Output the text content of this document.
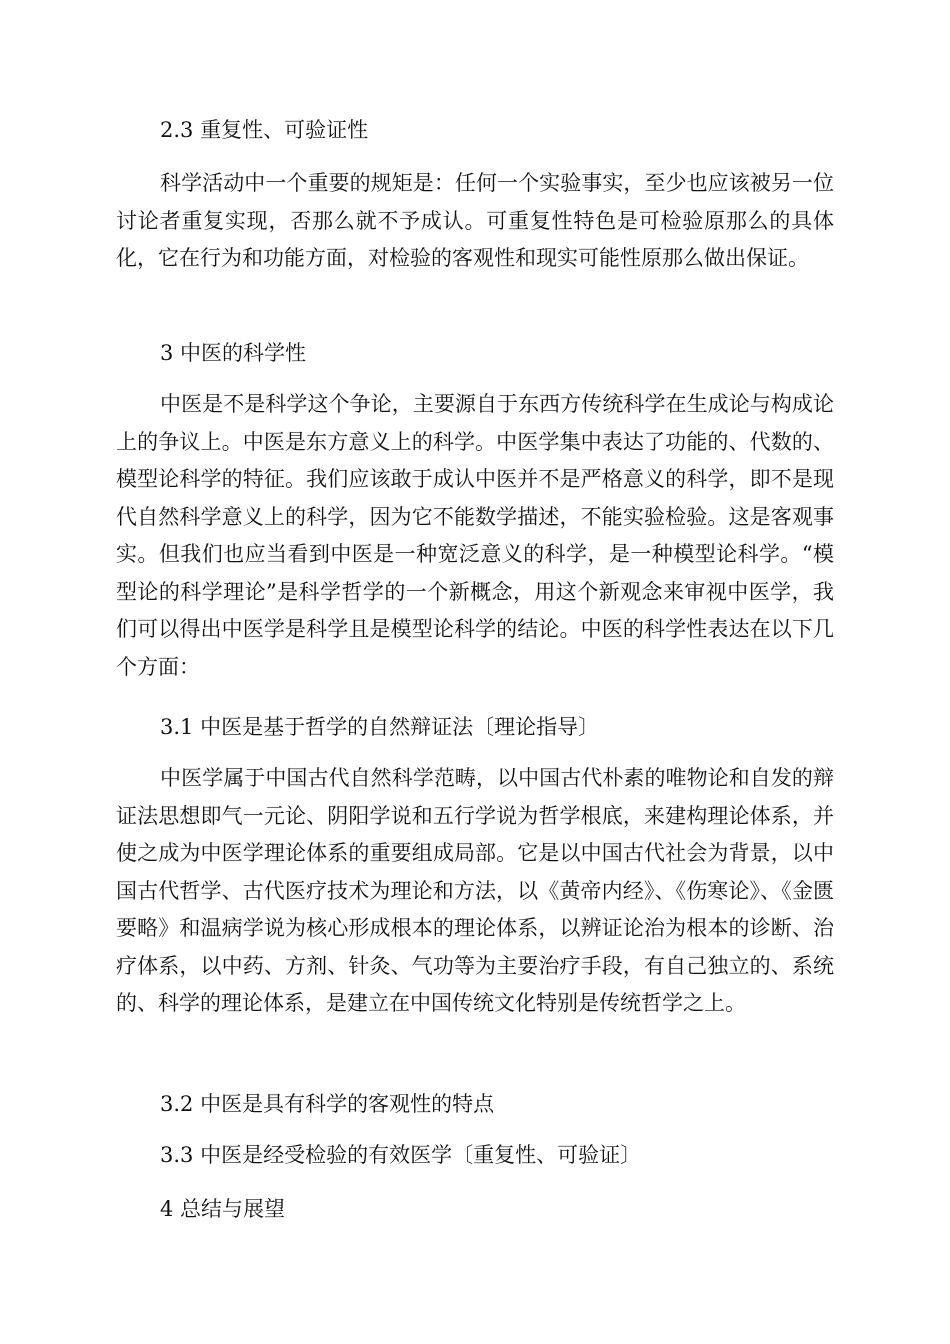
2.3 重复性、可验证性

科学活动中一个重要的规矩是：任何一个实验事实，至少也应该被另一位讨论者重复实现，否那么就不予成认。可重复性特色是可检验原那么的具体化，它在行为和功能方面，对检验的客观性和现实可能性原那么做出保证。

3 中医的科学性

中医是不是科学这个争论，主要源自于东西方传统科学在生成论与构成论上的争议上。中医是东方意义上的科学。中医学集中表达了功能的、代数的、模型论科学的特征。我们应该敢于成认中医并不是严格意义的科学，即不是现代自然科学意义上的科学，因为它不能数学描述，不能实验检验。这是客观事实。但我们也应当看到中医是一种宽泛意义的科学，是一种模型论科学。“模型论的科学理论”是科学哲学的一个新概念，用这个新观念来审视中医学，我们可以得出中医学是科学且是模型论科学的结论。中医的科学性表达在以下几个方面：

3.1 中医是基于哲学的自然辩证法〔理论指导〕

中医学属于中国古代自然科学范畴，以中国古代朴素的唯物论和自发的辩证法思想即气一元论、阴阳学说和五行学说为哲学根底，来建构理论体系，并使之成为中医学理论体系的重要组成局部。它是以中国古代社会为背景，以中国古代哲学、古代医疗技术为理论和方法，以《黄帝内经》、《伤寒论》、《金匮要略》和温病学说为核心形成根本的理论体系，以辨证论治为根本的诊断、治疗体系，以中药、方剂、针灸、气功等为主要治疗手段，有自己独立的、系统的、科学的理论体系，是建立在中国传统文化特别是传统哲学之上。

3.2 中医是具有科学的客观性的特点

3.3 中医是经受检验的有效医学〔重复性、可验证〕

4 总结与展望
